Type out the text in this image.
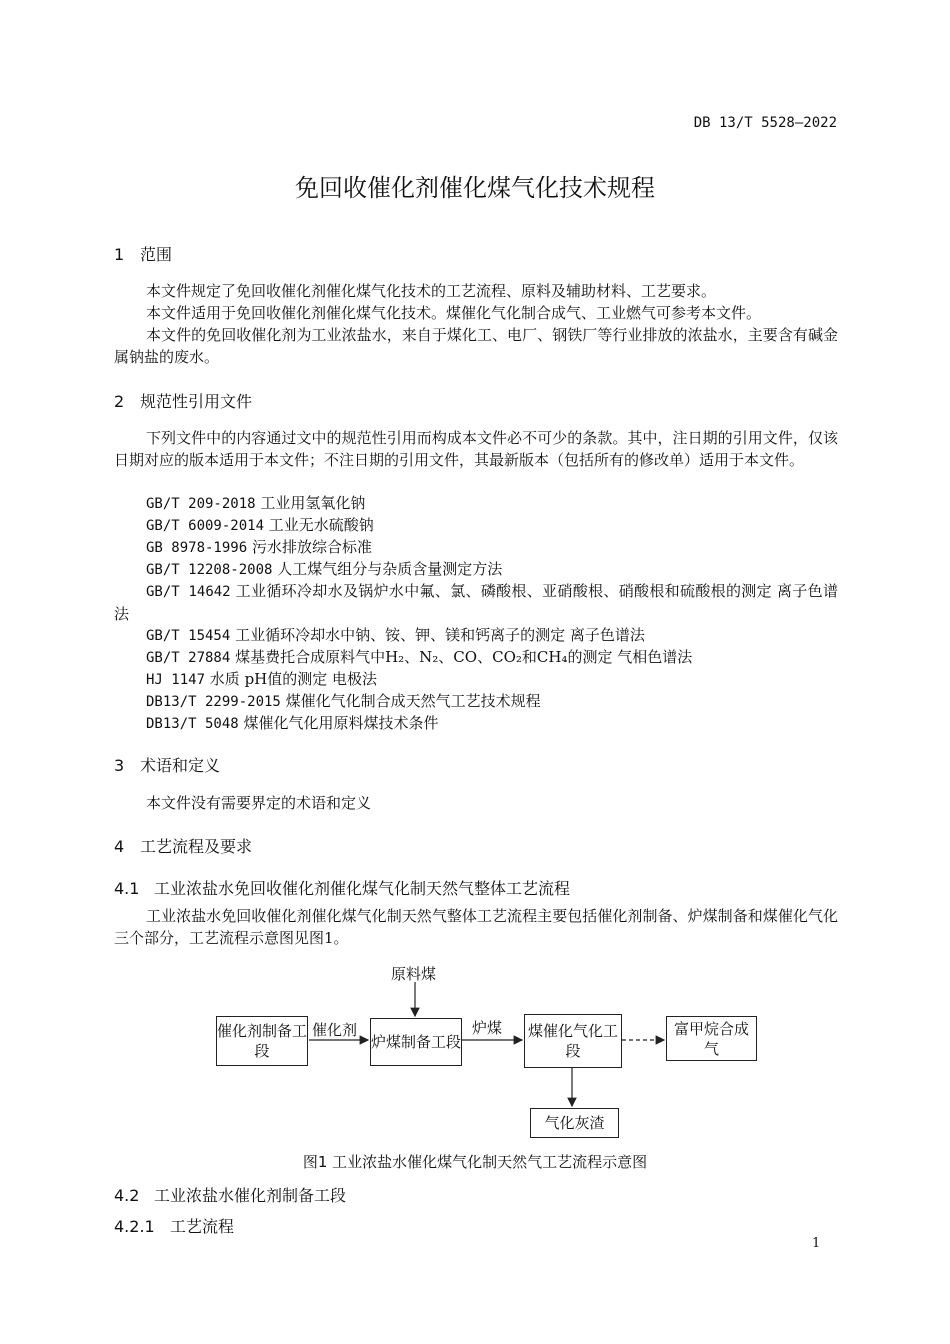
DB 13/T 5528—2022
免回收催化剂催化煤气化技术规程
1 范围
本文件规定了免回收催化剂催化煤气化技术的工艺流程、原料及辅助材料、工艺要求。
本文件适用于免回收催化剂催化煤气化技术。煤催化气化制合成气、工业燃气可参考本文件。
本文件的免回收催化剂为工业浓盐水，来自于煤化工、电厂、钢铁厂等行业排放的浓盐水，主要含有碱金属钠盐的废水。
2 规范性引用文件
下列文件中的内容通过文中的规范性引用而构成本文件必不可少的条款。其中，注日期的引用文件，仅该日期对应的版本适用于本文件；不注日期的引用文件，其最新版本（包括所有的修改单）适用于本文件。
GB/T 209-2018 工业用氢氧化钠
GB/T 6009-2014 工业无水硫酸钠
GB 8978-1996 污水排放综合标准
GB/T 12208-2008 人工煤气组分与杂质含量测定方法
GB/T 14642 工业循环冷却水及锅炉水中氟、氯、磷酸根、亚硝酸根、硝酸根和硫酸根的测定 离子色谱法
GB/T 15454 工业循环冷却水中钠、铵、钾、镁和钙离子的测定 离子色谱法
GB/T 27884 煤基费托合成原料气中H₂、N₂、CO、CO₂和CH₄的测定 气相色谱法
HJ 1147 水质 pH值的测定 电极法
DB13/T 2299-2015 煤催化气化制合成天然气工艺技术规程
DB13/T 5048 煤催化气化用原料煤技术条件
3 术语和定义
本文件没有需要界定的术语和定义
4 工艺流程及要求
4.1 工业浓盐水免回收催化剂催化煤气化制天然气整体工艺流程
工业浓盐水免回收催化剂催化煤气化制天然气整体工艺流程主要包括催化剂制备、炉煤制备和煤催化气化三个部分，工艺流程示意图见图1。
原料煤
催化剂制备工段
催化剂
炉煤制备工段
炉煤 煤催化气化工段
富甲烷合成气
气化灰渣
图1 工业浓盐水催化煤气化制天然气工艺流程示意图
4.2 工业浓盐水催化剂制备工段
4.2.1 工艺流程
1
